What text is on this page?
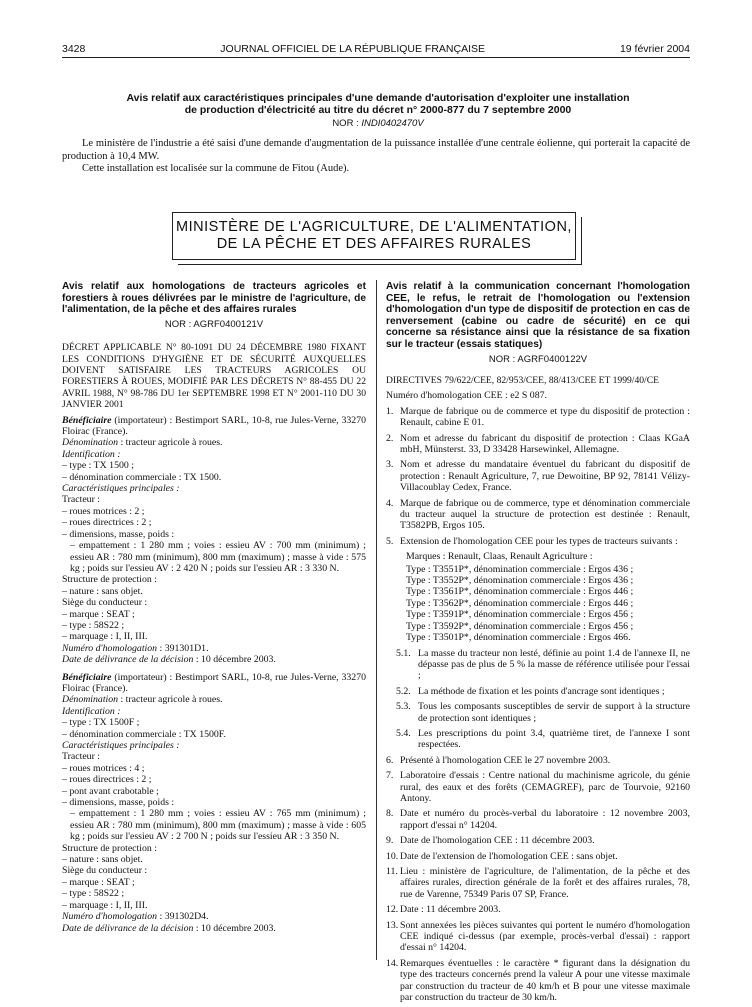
3428	JOURNAL OFFICIEL DE LA RÉPUBLIQUE FRANÇAISE	19 février 2004
Avis relatif aux caractéristiques principales d'une demande d'autorisation d'exploiter une installation
de production d'électricité au titre du décret n° 2000-877 du 7 septembre 2000
NOR : INDI0402470V
Le ministère de l'industrie a été saisi d'une demande d'augmentation de la puissance installée d'une centrale éolienne, qui porterait la capacité de production à 10,4 MW.
Cette installation est localisée sur la commune de Fitou (Aude).
MINISTÈRE DE L'AGRICULTURE, DE L'ALIMENTATION,
DE LA PÊCHE ET DES AFFAIRES RURALES

Avis relatif aux homologations de tracteurs agricoles et forestiers à roues délivrées par le ministre de l'agriculture, de l'alimentation, de la pêche et des affaires rurales

NOR : AGRF0400121V

DÉCRET APPLICABLE N° 80-1091 DU 24 DÉCEMBRE 1980 FIXANT LES CONDITIONS D'HYGIÈNE ET DE SÉCURITÉ AUXQUELLES DOIVENT SATISFAIRE LES TRACTEURS AGRICOLES OU FORESTIERS À ROUES, MODIFIÉ PAR LES DÉCRETS N° 88-455 DU 22 AVRIL 1988, N° 98-786 DU 1er SEPTEMBRE 1998 ET N° 2001-110 DU 30 JANVIER 2001

Bénéficiaire (importateur) : Bestimport SARL, 10-8, rue Jules-Verne, 33270 Floirac (France).

Dénomination : tracteur agricole à roues.

Identification :

– type : TX 1500 ;

– dénomination commerciale : TX 1500.

Caractéristiques principales :

Tracteur :

– roues motrices : 2 ;

– roues directrices : 2 ;

– dimensions, masse, poids :

– empattement : 1 280 mm ; voies : essieu AV : 700 mm (minimum) ; essieu AR : 780 mm (minimum), 800 mm (maximum) ; masse à vide : 575 kg ; poids sur l'essieu AV : 2 420 N ; poids sur l'essieu AR : 3 330 N.

Structure de protection :

– nature : sans objet.

Siège du conducteur :

– marque : SEAT ;

– type : 58S22 ;

– marquage : I, II, III.

Numéro d'homologation : 391301D1.

Date de délivrance de la décision : 10 décembre 2003.

Bénéficiaire (importateur) : Bestimport SARL, 10-8, rue Jules-Verne, 33270 Floirac (France).

Dénomination : tracteur agricole à roues.

Identification :

– type : TX 1500F ;

– dénomination commerciale : TX 1500F.

Caractéristiques principales :

Tracteur :

– roues motrices : 4 ;

– roues directrices : 2 ;

– pont avant crabotable ;

– dimensions, masse, poids :

– empattement : 1 280 mm ; voies : essieu AV : 765 mm (minimum) ; essieu AR : 780 mm (minimum), 800 mm (maximum) ; masse à vide : 605 kg ; poids sur l'essieu AV : 2 700 N ; poids sur l'essieu AR : 3 350 N.

Structure de protection :

– nature : sans objet.

Siège du conducteur :

– marque : SEAT ;

– type : 58S22 ;

– marquage : I, II, III.

Numéro d'homologation : 391302D4.

Date de délivrance de la décision : 10 décembre 2003.

Avis relatif à la communication concernant l'homologation CEE, le refus, le retrait de l'homologation ou l'extension d'homologation d'un type de dispositif de protection en cas de renversement (cabine ou cadre de sécurité) en ce qui concerne sa résistance ainsi que la résistance de sa fixation sur le tracteur (essais statiques)

NOR : AGRF0400122V

DIRECTIVES 79/622/CEE, 82/953/CEE, 88/413/CEE ET 1999/40/CE

Numéro d'homologation CEE : e2 S 087.

1. Marque de fabrique ou de commerce et type du dispositif de protection : Renault, cabine E 01.
2. Nom et adresse du fabricant du dispositif de protection : Claas KGaA mbH, Münsterst. 33, D 33428 Harsewinkel, Allemagne.
3. Nom et adresse du mandataire éventuel du fabricant du dispositif de protection : Renault Agriculture, 7, rue Dewoitine, BP 92, 78141 Vélizy-Villacoublay Cedex, France.
4. Marque de fabrique ou de commerce, type et dénomination commerciale du tracteur auquel la structure de protection est destinée : Renault, T3582PB, Ergos 105.
5. Extension de l'homologation CEE pour les types de tracteurs suivants :

Marques : Renault, Claas, Renault Agriculture :

Type : T3551P*, dénomination commerciale : Ergos 436 ;

Type : T3552P*, dénomination commerciale : Ergos 436 ;

Type : T3561P*, dénomination commerciale : Ergos 446 ;

Type : T3562P*, dénomination commerciale : Ergos 446 ;

Type : T3591P*, dénomination commerciale : Ergos 456 ;

Type : T3592P*, dénomination commerciale : Ergos 456 ;

Type : T3501P*, dénomination commerciale : Ergos 466.

5.1. La masse du tracteur non lesté, définie au point 1.4 de l'annexe II, ne dépasse pas de plus de 5 % la masse de référence utilisée pour l'essai ;
5.2. La méthode de fixation et les points d'ancrage sont identiques ;
5.3. Tous les composants susceptibles de servir de support à la structure de protection sont identiques ;
5.4. Les prescriptions du point 3.4, quatrième tiret, de l'annexe I sont respectées.
6. Présenté à l'homologation CEE le 27 novembre 2003.
7. Laboratoire d'essais : Centre national du machinisme agricole, du génie rural, des eaux et des forêts (CEMAGREF), parc de Tourvoie, 92160 Antony.
8. Date et numéro du procès-verbal du laboratoire : 12 novembre 2003, rapport d'essai n° 14204.
9. Date de l'homologation CEE : 11 décembre 2003.
10. Date de l'extension de l'homologation CEE : sans objet.
11. Lieu : ministère de l'agriculture, de l'alimentation, de la pêche et des affaires rurales, direction générale de la forêt et des affaires rurales, 78, rue de Varenne, 75349 Paris 07 SP, France.
12. Date : 11 décembre 2003.
13. Sont annexées les pièces suivantes qui portent le numéro d'homologation CEE indiqué ci-dessus (par exemple, procès-verbal d'essai) : rapport d'essai n° 14204.
14. Remarques éventuelles : le caractère * figurant dans la désignation du type des tracteurs concernés prend la valeur A pour une vitesse maximale par construction du tracteur de 40 km/h et B pour une vitesse maximale par construction du tracteur de 30 km/h.
